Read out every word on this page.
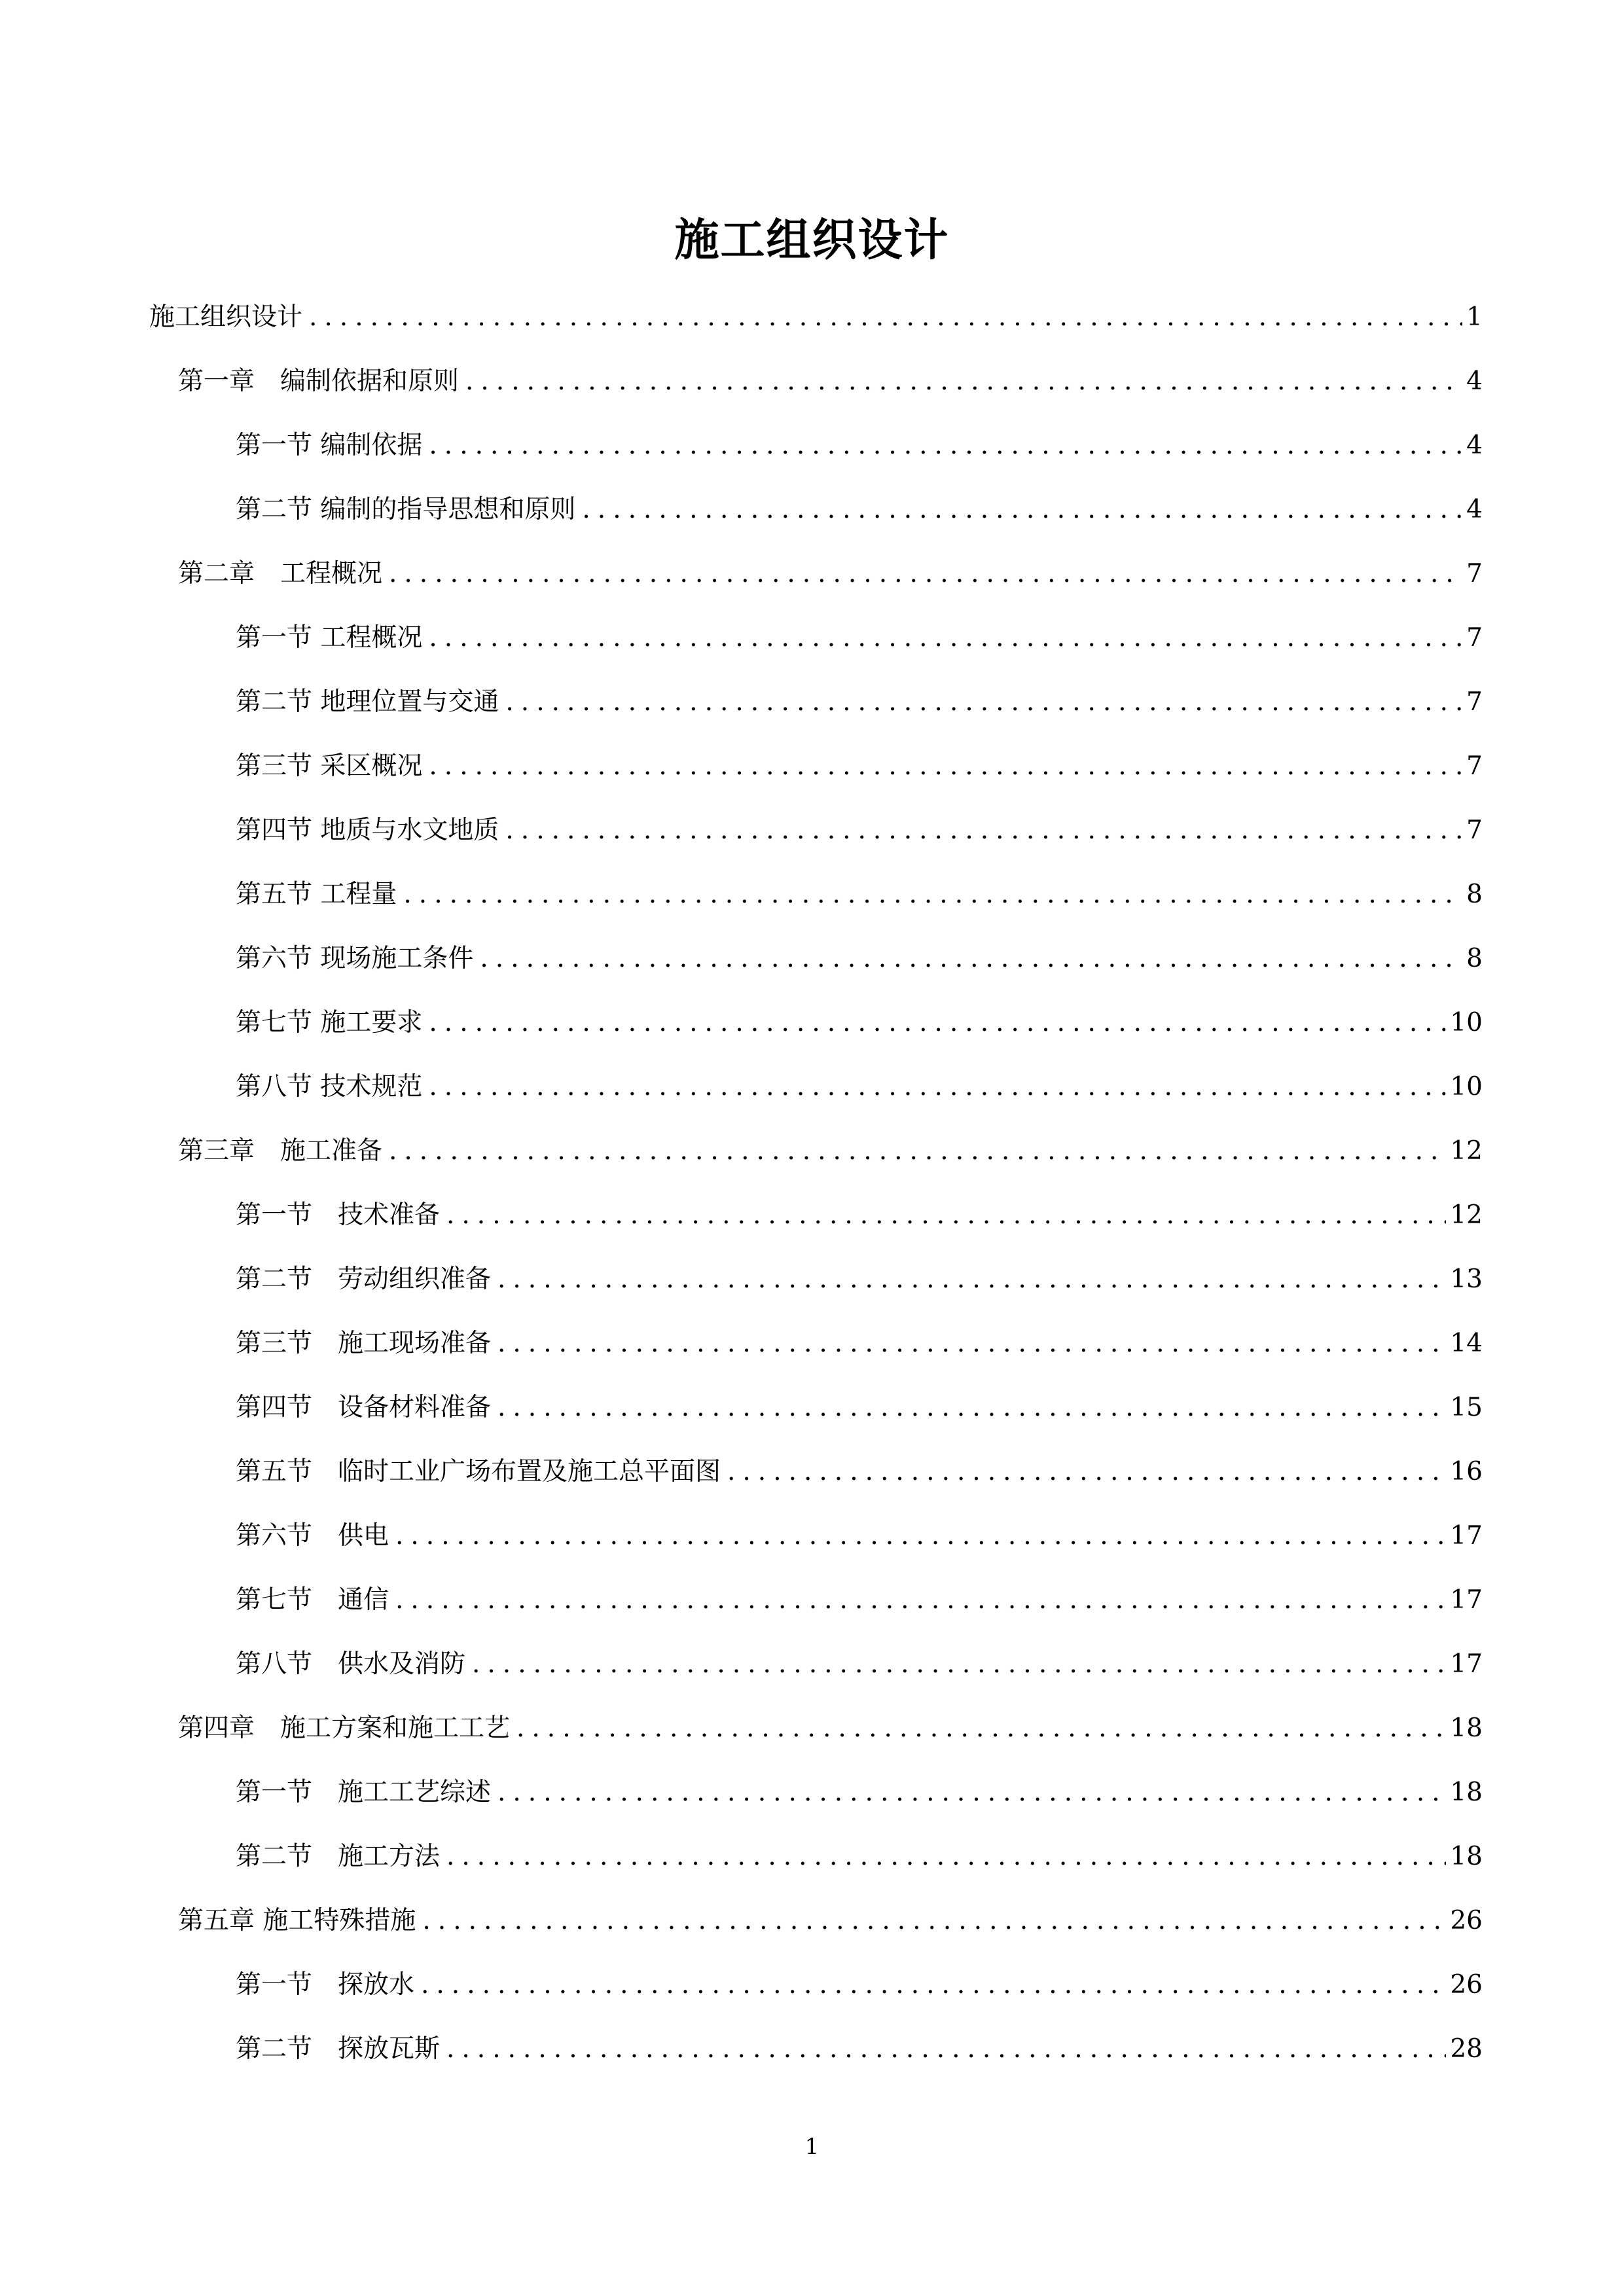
施工组织设计
施工组织设计 .....	1
第一章　编制依据和原则 .....	4
第一节 编制依据 .....	4
第二节 编制的指导思想和原则 .....	4
第二章　工程概况 .....	7
第一节 工程概况 .....	7
第二节 地理位置与交通 .....	7
第三节 采区概况 .....	7
第四节 地质与水文地质 .....	7
第五节 工程量 .....	8
第六节 现场施工条件 .....	8
第七节 施工要求 .....	10
第八节 技术规范 .....	10
第三章　施工准备 .....	12
第一节　技术准备 .....	12
第二节　劳动组织准备 .....	13
第三节　施工现场准备 .....	14
第四节　设备材料准备 .....	15
第五节　临时工业广场布置及施工总平面图 .....	16
第六节　供电 .....	17
第七节　通信 .....	17
第八节　供水及消防 .....	17
第四章　施工方案和施工工艺 .....	18
第一节　施工工艺综述 .....	18
第二节　施工方法 .....	18
第五章 施工特殊措施 .....	26
第一节　探放水 .....	26
第二节　探放瓦斯 .....	28
1
